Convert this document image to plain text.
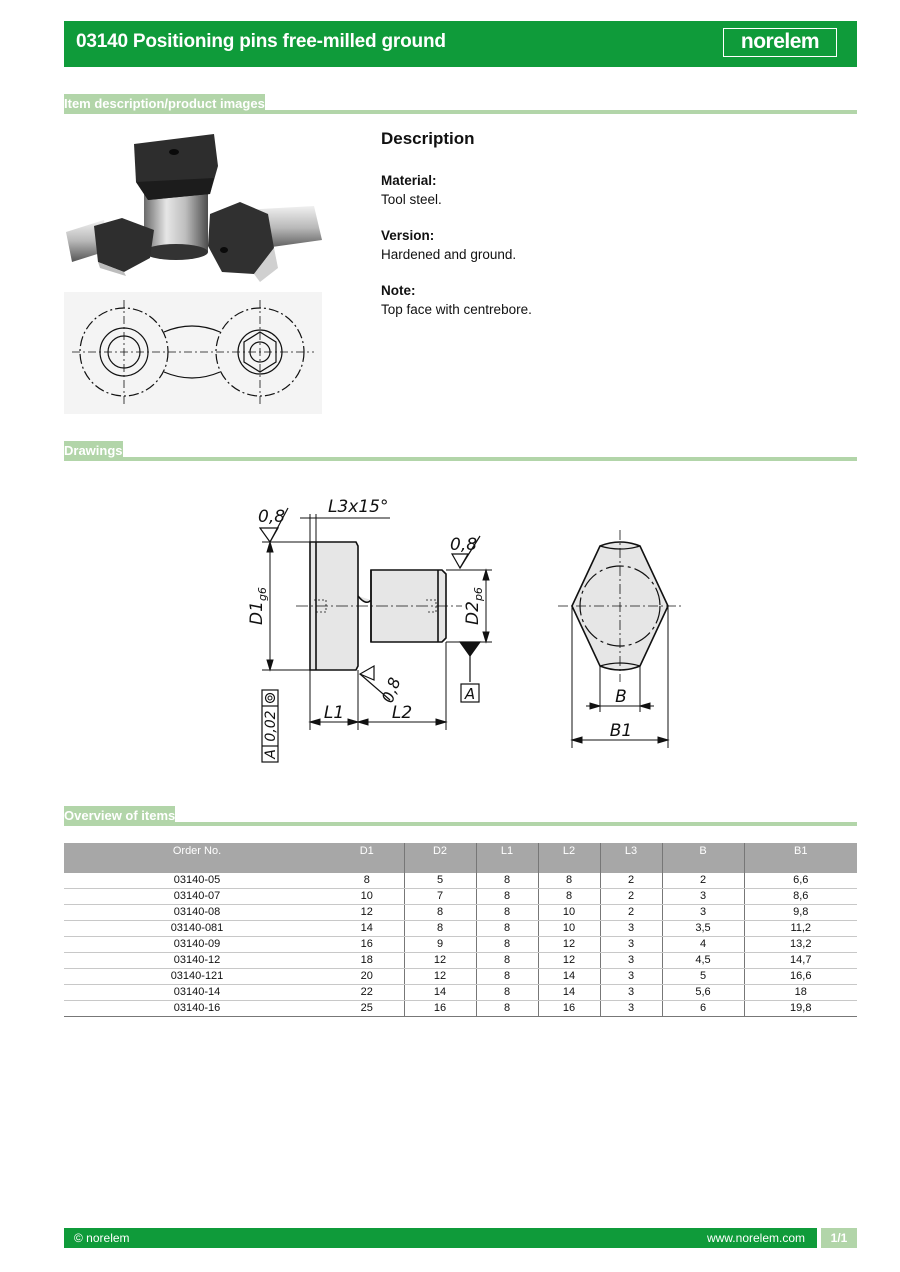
03140 Positioning pins free-milled ground	norelem
Item description/product images
Description
Material:
Tool steel.
Version:
Hardened and ground.
Note:
Top face with centrebore.
Drawings
A
0,02
A
0,8	L3x15°
0,8
0,8
$D1_{g6}$
$D2_{p6}$
L1	L2
B
B1
Overview of items
Order No.	D1	D2	L1	L2	L3	B	B1
03140-05	8	5	8	8	2	2	6,6
03140-07	10	7	8	8	2	3	8,6
03140-08	12	8	8	10	2	3	9,8
03140-081	14	8	8	10	3	3,5	11,2
03140-09	16	9	8	12	3	4	13,2
03140-12	18	12	8	12	3	4,5	14,7
03140-121	20	12	8	14	3	5	16,6
03140-14	22	14	8	14	3	5,6	18
03140-16	25	16	8	16	3	6	19,8
© norelem	www.norelem.com	1/1
